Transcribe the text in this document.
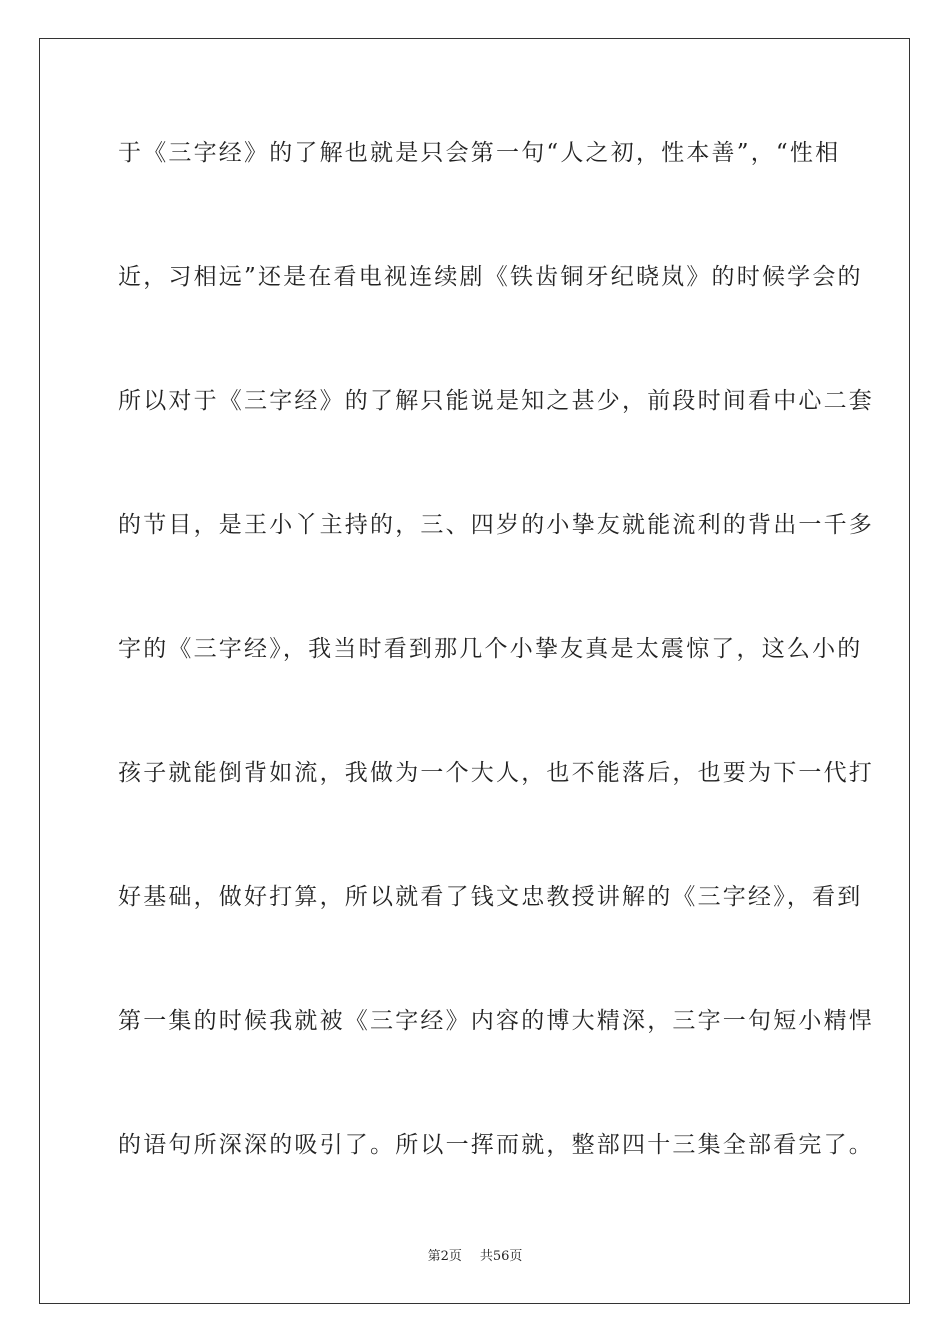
于《三字经》的了解也就是只会第一句“人之初，性本善”，“性相
近，习相远”还是在看电视连续剧《铁齿铜牙纪晓岚》的时候学会的
所以对于《三字经》的了解只能说是知之甚少，前段时间看中心二套
的节目，是王小丫主持的，三、四岁的小挚友就能流利的背出一千多
字的《三字经》，我当时看到那几个小挚友真是太震惊了，这么小的
孩子就能倒背如流，我做为一个大人，也不能落后，也要为下一代打
好基础，做好打算，所以就看了钱文忠教授讲解的《三字经》，看到
第一集的时候我就被《三字经》内容的博大精深，三字一句短小精悍
的语句所深深的吸引了。所以一挥而就，整部四十三集全部看完了。
第2页 共56页
